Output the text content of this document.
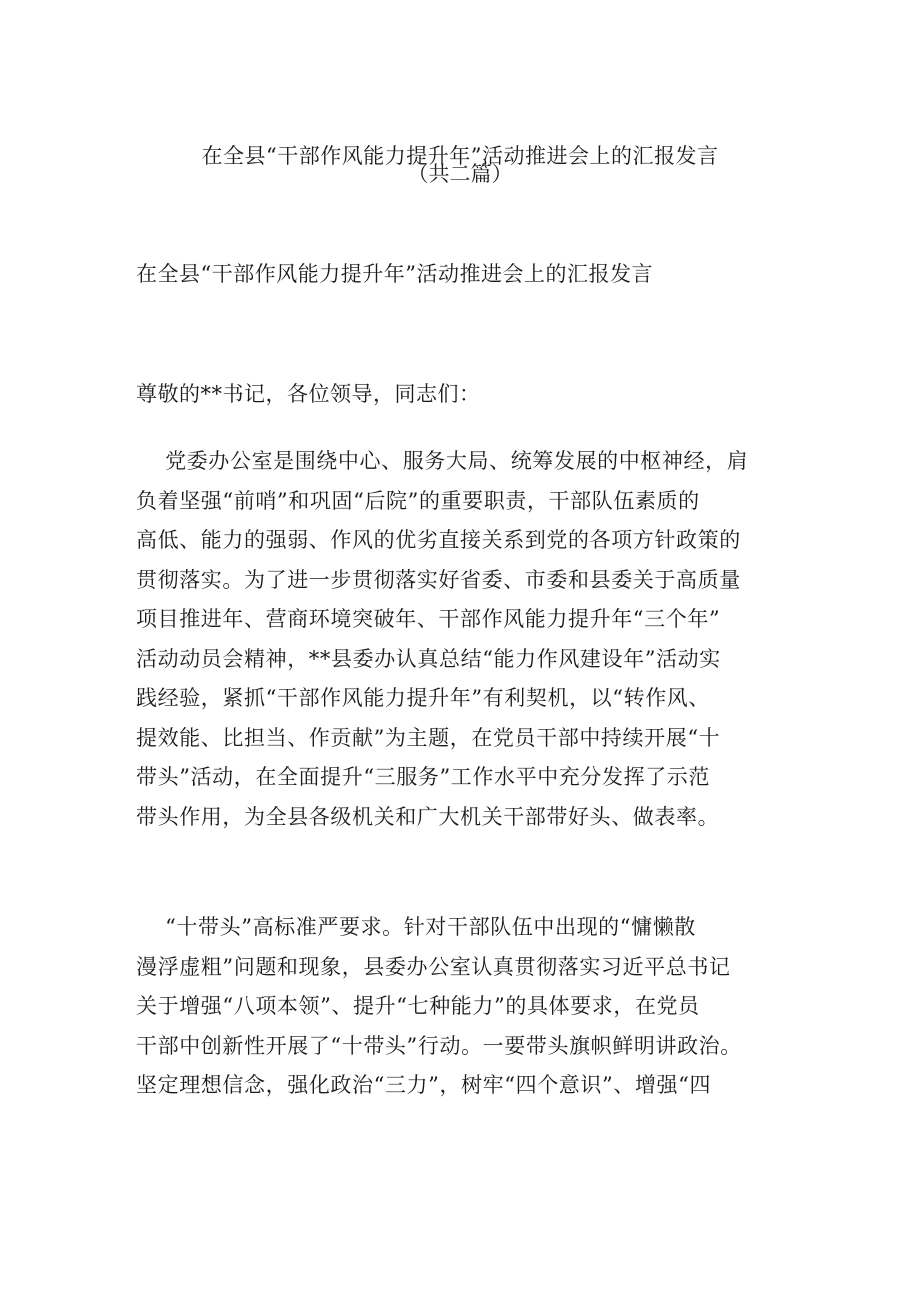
在全县“干部作风能力提升年”活动推进会上的汇报发言
（共二篇）
在全县“干部作风能力提升年”活动推进会上的汇报发言

尊敬的**书记，各位领导，同志们：

党委办公室是围绕中心、服务大局、统筹发展的中枢神经，肩
负着坚强“前哨”和巩固“后院”的重要职责，干部队伍素质的
高低、能力的强弱、作风的优劣直接关系到党的各项方针政策的
贯彻落实。为了进一步贯彻落实好省委、市委和县委关于高质量
项目推进年、营商环境突破年、干部作风能力提升年“三个年”
活动动员会精神，**县委办认真总结“能力作风建设年”活动实
践经验，紧抓“干部作风能力提升年”有利契机，以“转作风、
提效能、比担当、作贡献”为主题，在党员干部中持续开展“十
带头”活动，在全面提升“三服务”工作水平中充分发挥了示范
带头作用，为全县各级机关和广大机关干部带好头、做表率。
“十带头”高标准严要求。针对干部队伍中出现的“慵懒散
漫浮虚粗”问题和现象，县委办公室认真贯彻落实习近平总书记
关于增强“八项本领”、提升“七种能力”的具体要求，在党员
干部中创新性开展了“十带头”行动。一要带头旗帜鲜明讲政治。
坚定理想信念，强化政治“三力”，树牢“四个意识”、增强“四
